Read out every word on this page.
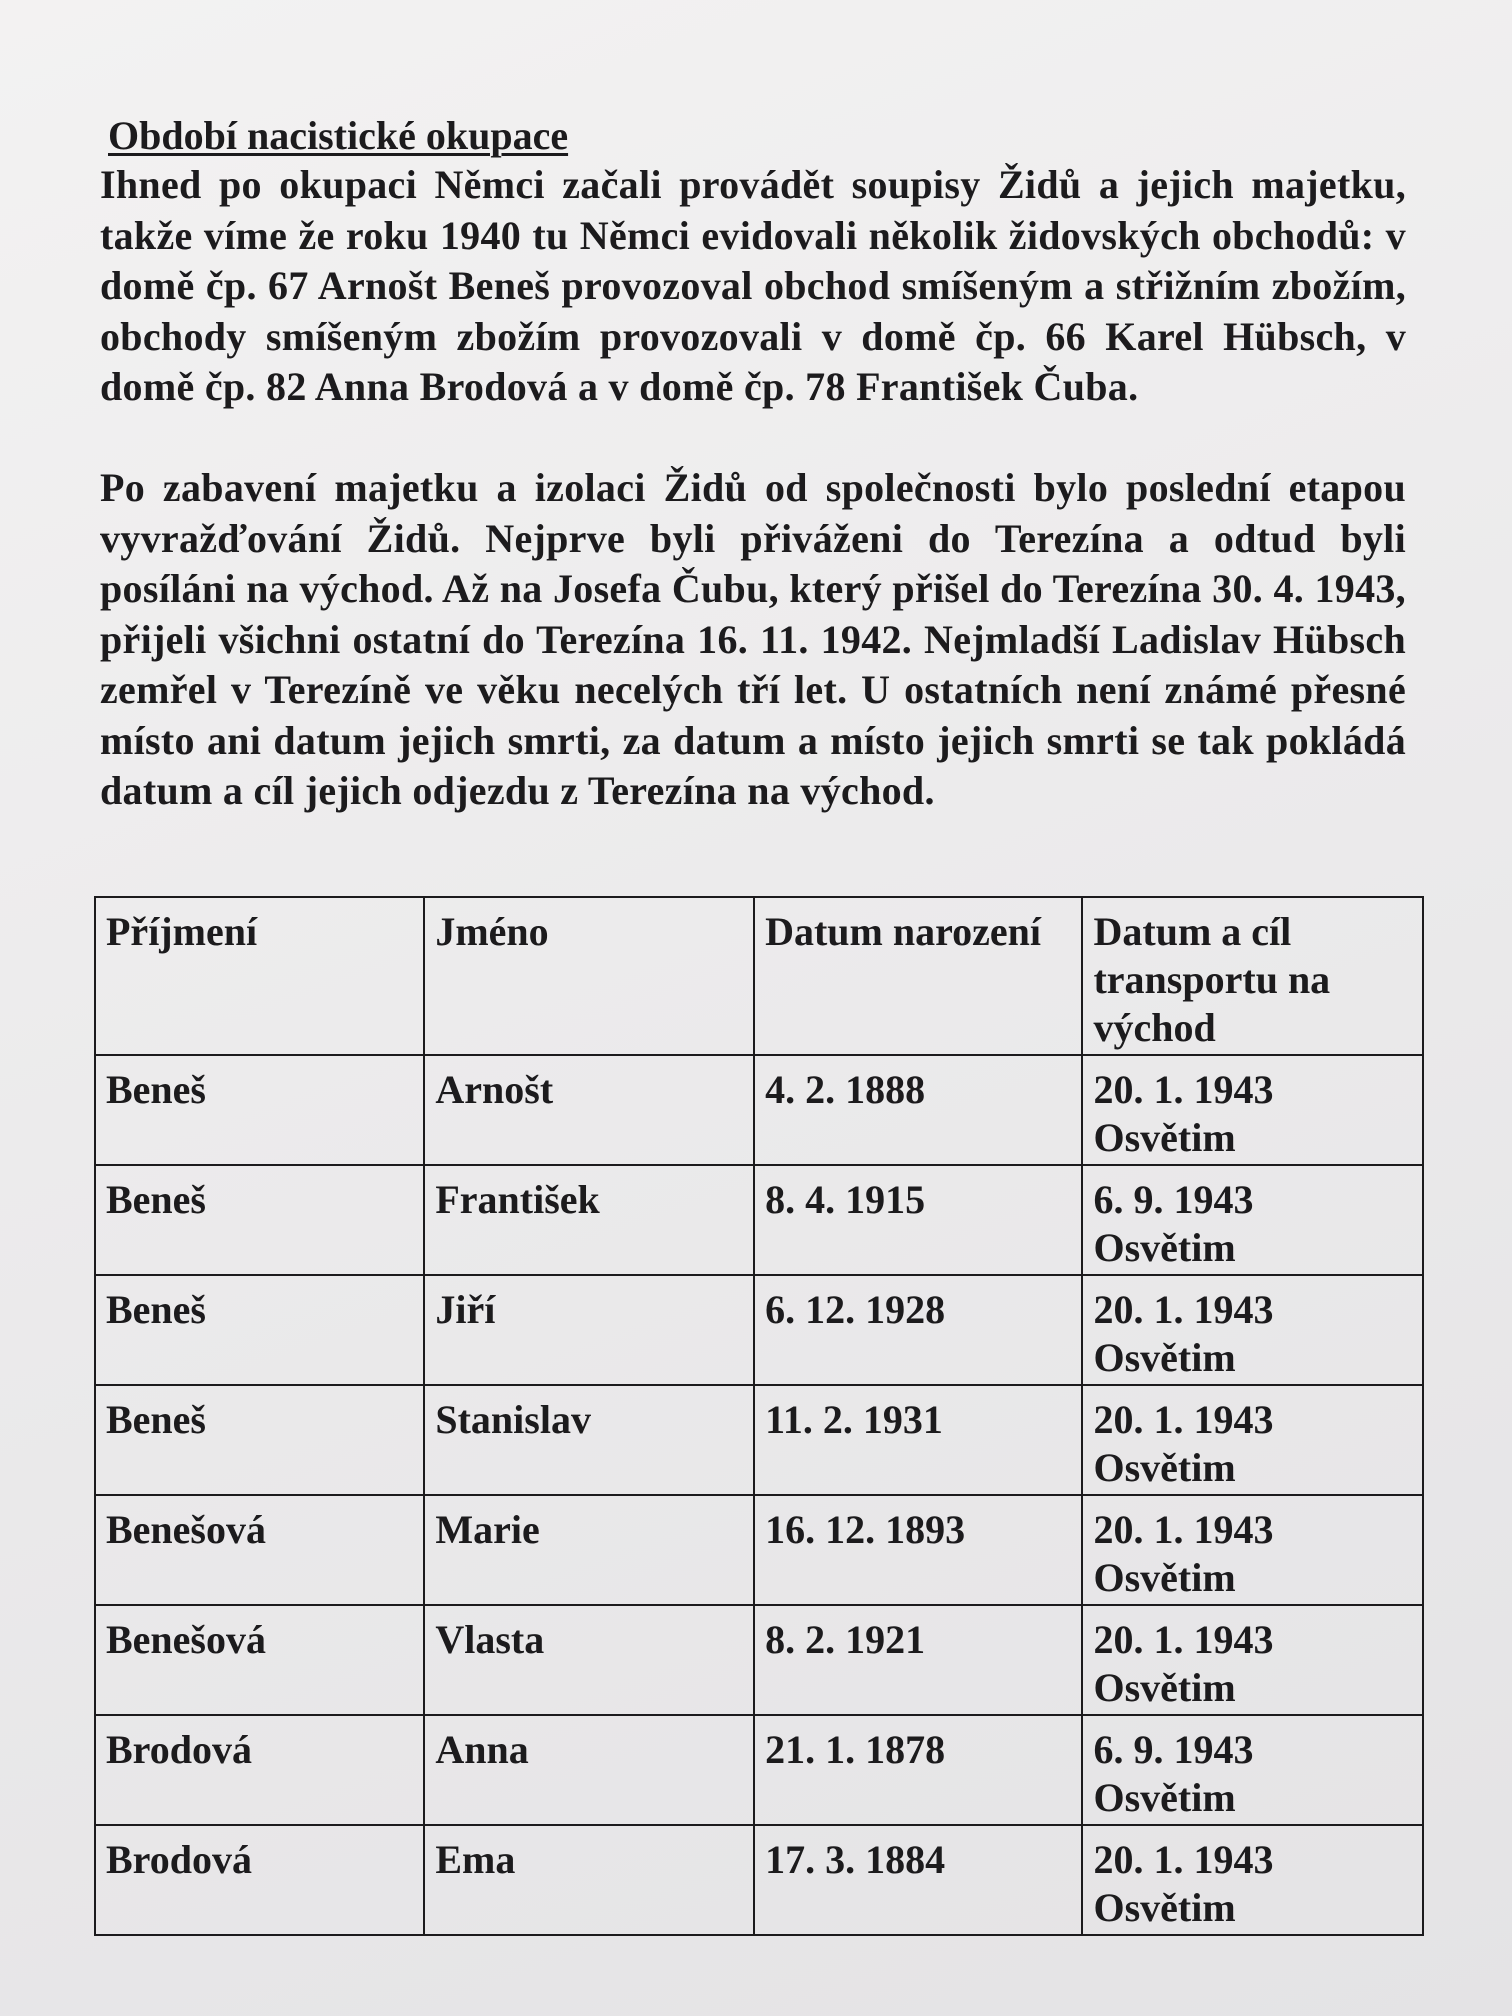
Období nacistické okupace

Ihned po okupaci Němci začali provádět soupisy Židů a jejich majetku, takže víme že roku 1940 tu Němci evidovali několik židovských obchodů: v domě čp. 67 Arnošt Beneš provozoval obchod smíšeným a střižním zbožím, obchody smíšeným zbožím provozovali v domě čp. 66 Karel Hübsch, v domě čp. 82 Anna Brodová a v domě čp. 78 František Čuba.

Po zabavení majetku a izolaci Židů od společnosti bylo poslední etapou vyvražďování Židů. Nejprve byli přiváženi do Terezína a odtud byli posíláni na východ. Až na Josefa Čubu, který přišel do Terezína 30. 4. 1943, přijeli všichni ostatní do Terezína 16. 11. 1942. Nejmladší Ladislav Hübsch zemřel v Terezíně ve věku necelých tří let. U ostatních není známé přesné místo ani datum jejich smrti, za datum a místo jejich smrti se tak pokládá datum a cíl jejich odjezdu z Terezína na východ.

Příjmení	Jméno	Datum narození	Datum a cíl transportu na východ
Beneš	Arnošt	4. 2. 1888	20. 1. 1943
Osvětim

Beneš	František	8. 4. 1915	6. 9. 1943
Osvětim

Beneš	Jiří	6. 12. 1928	20. 1. 1943
Osvětim

Beneš	Stanislav	11. 2. 1931	20. 1. 1943
Osvětim

Benešová	Marie	16. 12. 1893	20. 1. 1943
Osvětim

Benešová	Vlasta	8. 2. 1921	20. 1. 1943
Osvětim

Brodová	Anna	21. 1. 1878	6. 9. 1943
Osvětim

Brodová	Ema	17. 3. 1884	20. 1. 1943
Osvětim
